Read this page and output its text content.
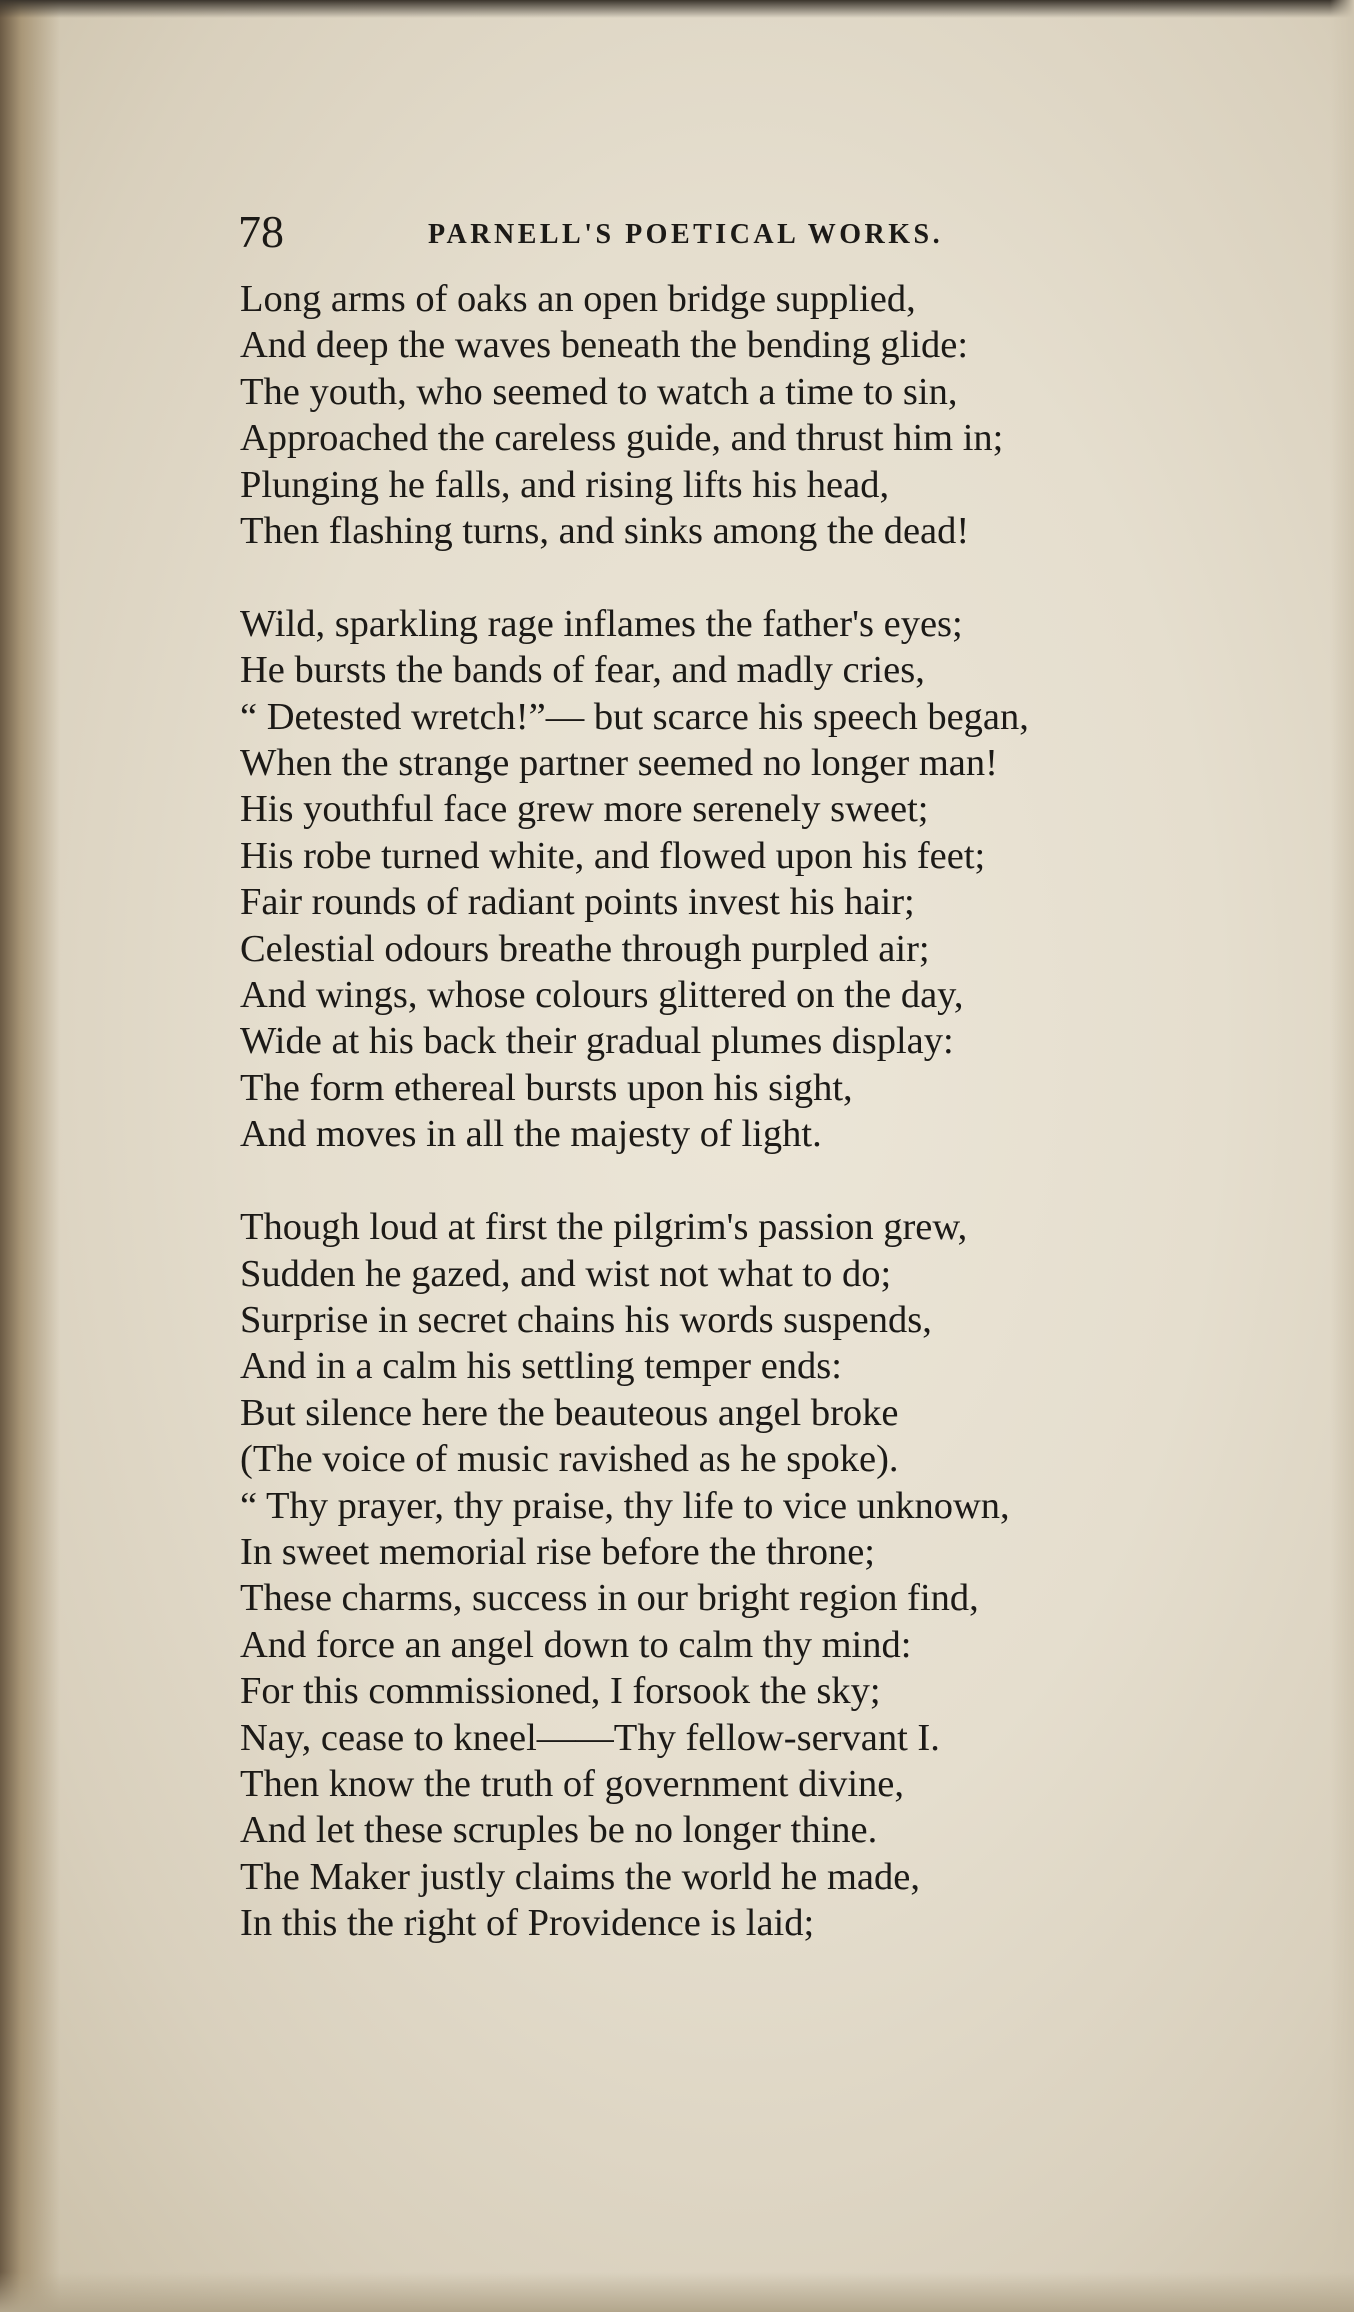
78	PARNELL'S POETICAL WORKS.
Long arms of oaks an open bridge supplied,
And deep the waves beneath the bending glide:
The youth, who seemed to watch a time to sin,
Approached the careless guide, and thrust him in;
Plunging he falls, and rising lifts his head,
Then flashing turns, and sinks among the dead!
Wild, sparkling rage inflames the father's eyes;
He bursts the bands of fear, and madly cries,
“ Detested wretch!”— but scarce his speech began,
When the strange partner seemed no longer man!
His youthful face grew more serenely sweet;
His robe turned white, and flowed upon his feet;
Fair rounds of radiant points invest his hair;
Celestial odours breathe through purpled air;
And wings, whose colours glittered on the day,
Wide at his back their gradual plumes display:
The form ethereal bursts upon his sight,
And moves in all the majesty of light.
Though loud at first the pilgrim's passion grew,
Sudden he gazed, and wist not what to do;
Surprise in secret chains his words suspends,
And in a calm his settling temper ends:
But silence here the beauteous angel broke
(The voice of music ravished as he spoke).
“ Thy prayer, thy praise, thy life to vice unknown,
In sweet memorial rise before the throne;
These charms, success in our bright region find,
And force an angel down to calm thy mind:
For this commissioned, I forsook the sky;
Nay, cease to kneel——Thy fellow-servant I.
Then know the truth of government divine,
And let these scruples be no longer thine.
The Maker justly claims the world he made,
In this the right of Providence is laid;
